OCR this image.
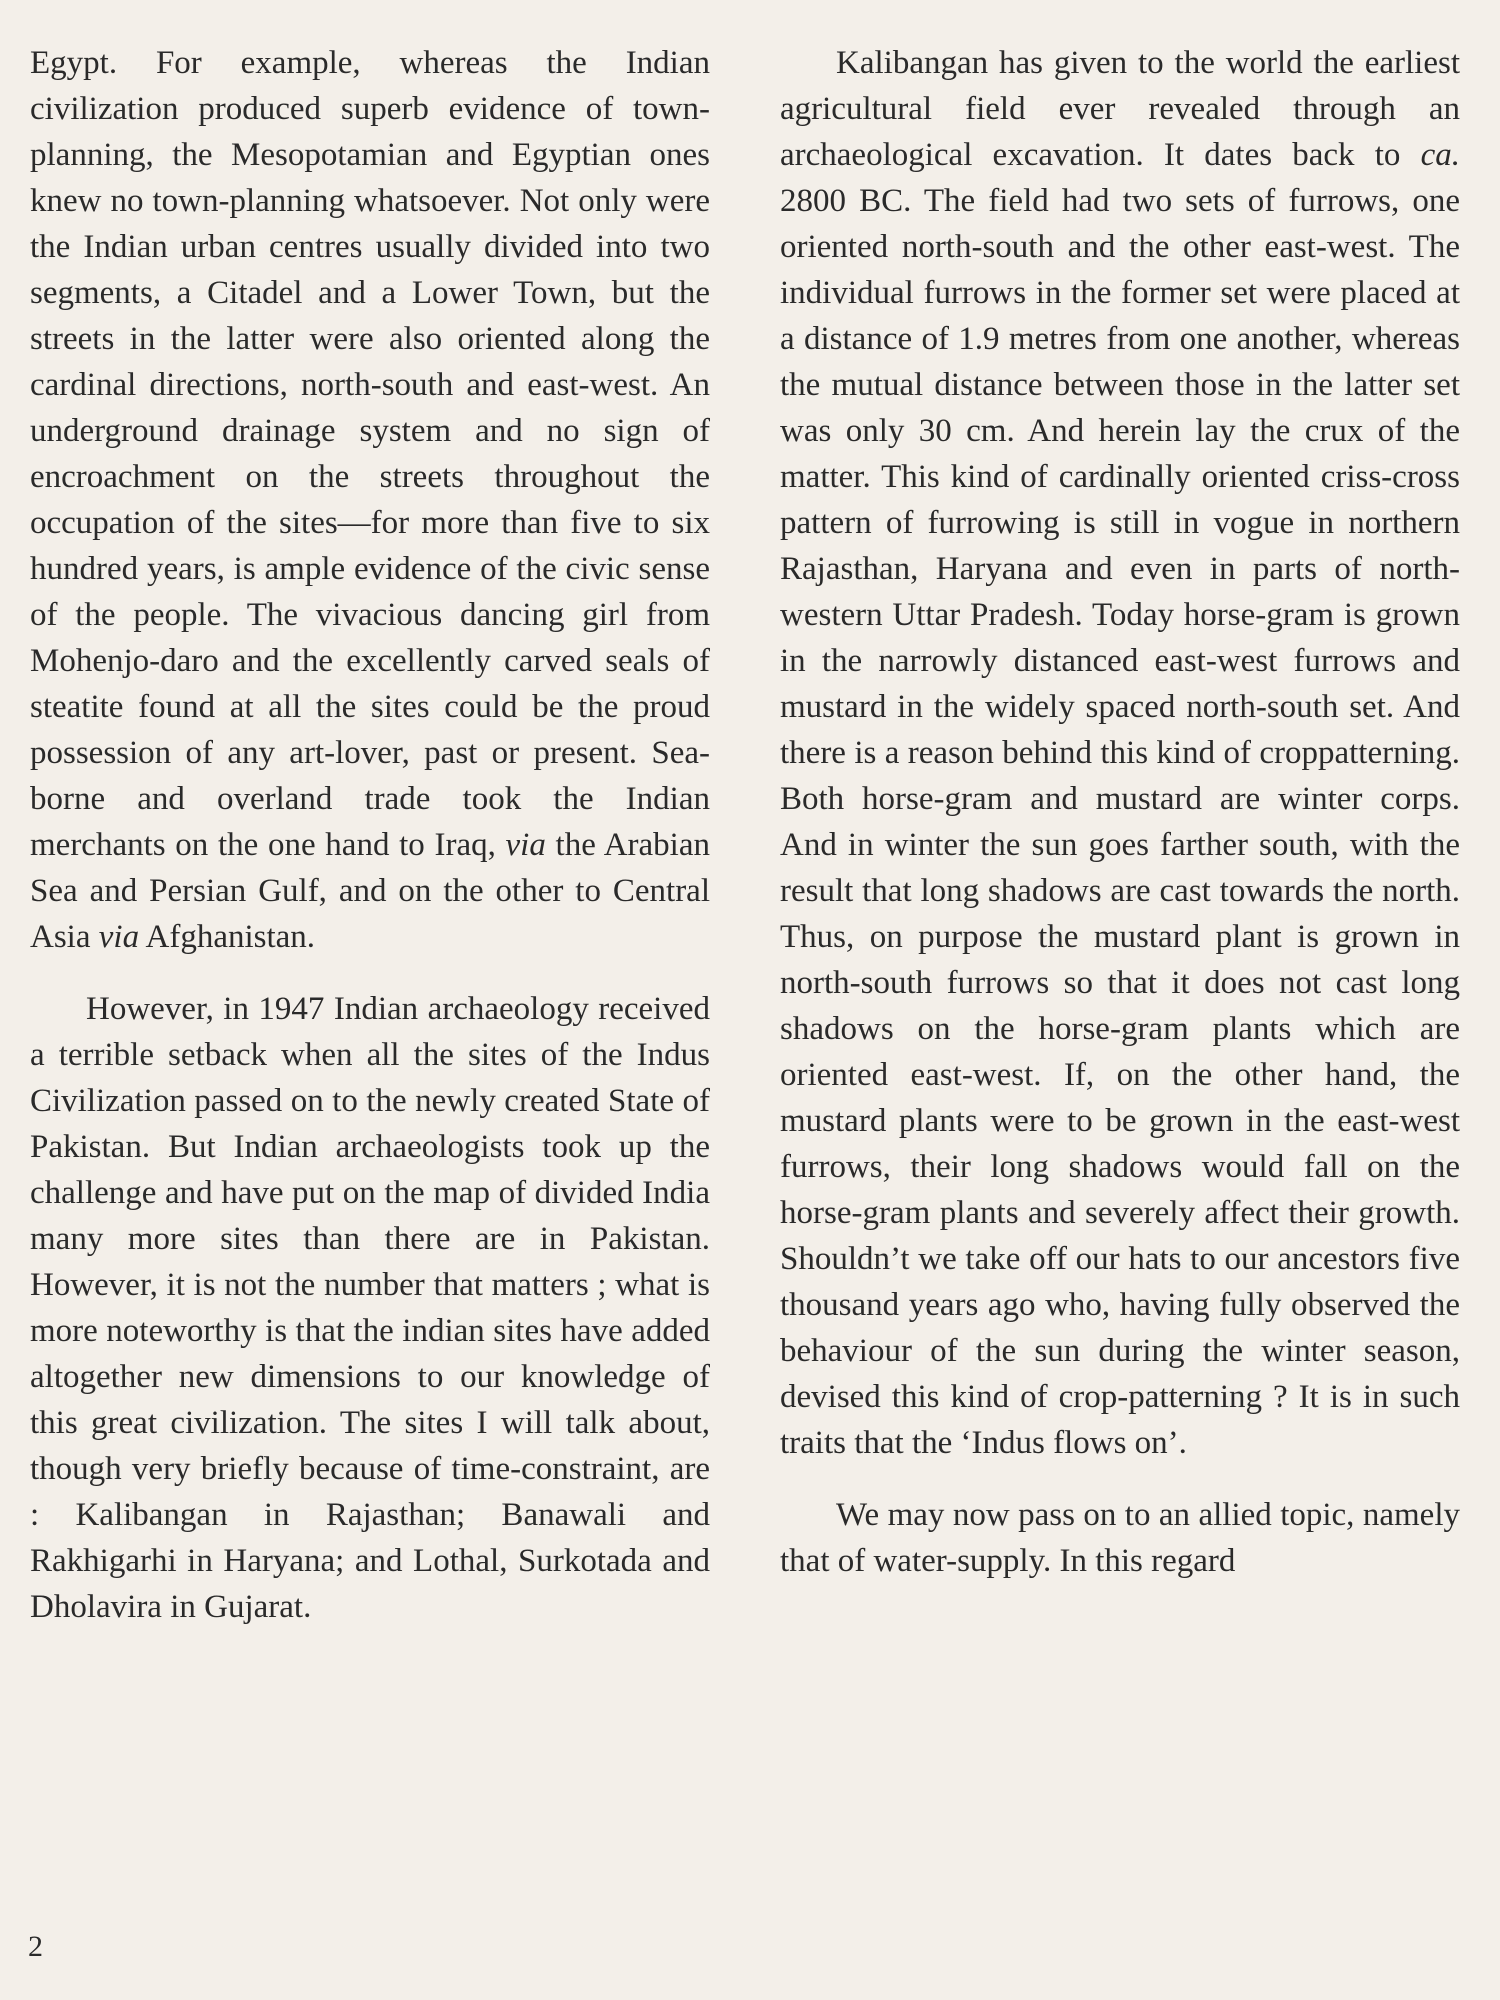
Egypt. For example, whereas the Indian civilization produced superb evidence of town-planning, the Mesopotamian and Egyptian ones knew no town-planning whatsoever. Not only were the Indian urban centres usually divided into two segments, a Citadel and a Lower Town, but the streets in the latter were also oriented along the cardinal directions, north-south and east-west. An underground drainage system and no sign of encroachment on the streets throughout the occupation of the sites—for more than five to six hundred years, is ample evidence of the civic sense of the people. The vivacious dancing girl from Mohenjo-daro and the excellently carved seals of steatite found at all the sites could be the proud possession of any art-lover, past or present. Sea-borne and overland trade took the Indian merchants on the one hand to Iraq, via the Arabian Sea and Persian Gulf, and on the other to Central Asia via Afghanistan.

However, in 1947 Indian archaeology received a terrible setback when all the sites of the Indus Civilization passed on to the newly created State of Pakistan. But Indian archaeologists took up the challenge and have put on the map of divided India many more sites than there are in Pakistan. However, it is not the number that matters ; what is more noteworthy is that the indian sites have added altogether new dimensions to our knowledge of this great civilization. The sites I will talk about, though very briefly because of time-constraint, are : Kalibangan in Rajasthan; Banawali and Rakhigarhi in Haryana; and Lothal, Surkotada and Dholavira in Gujarat.

Kalibangan has given to the world the earliest agricultural field ever revealed through an archaeological excavation. It dates back to ca. 2800 BC. The field had two sets of furrows, one oriented north-south and the other east-west. The individual furrows in the former set were placed at a distance of 1.9 metres from one another, whereas the mutual distance between those in the latter set was only 30 cm. And herein lay the crux of the matter. This kind of cardinally oriented criss-cross pattern of furrowing is still in vogue in northern Rajasthan, Haryana and even in parts of north-western Uttar Pradesh. Today horse-gram is grown in the narrowly distanced east-west furrows and mustard in the widely spaced north-south set. And there is a reason behind this kind of croppatterning. Both horse-gram and mustard are winter corps. And in winter the sun goes farther south, with the result that long shadows are cast towards the north. Thus, on purpose the mustard plant is grown in north-south furrows so that it does not cast long shadows on the horse-gram plants which are oriented east-west. If, on the other hand, the mustard plants were to be grown in the east-west furrows, their long shadows would fall on the horse-gram plants and severely affect their growth. Shouldn’t we take off our hats to our ancestors five thousand years ago who, having fully observed the behaviour of the sun during the winter season, devised this kind of crop-patterning ? It is in such traits that the ‘Indus flows on’.

We may now pass on to an allied topic, namely that of water-supply. In this regard

2
